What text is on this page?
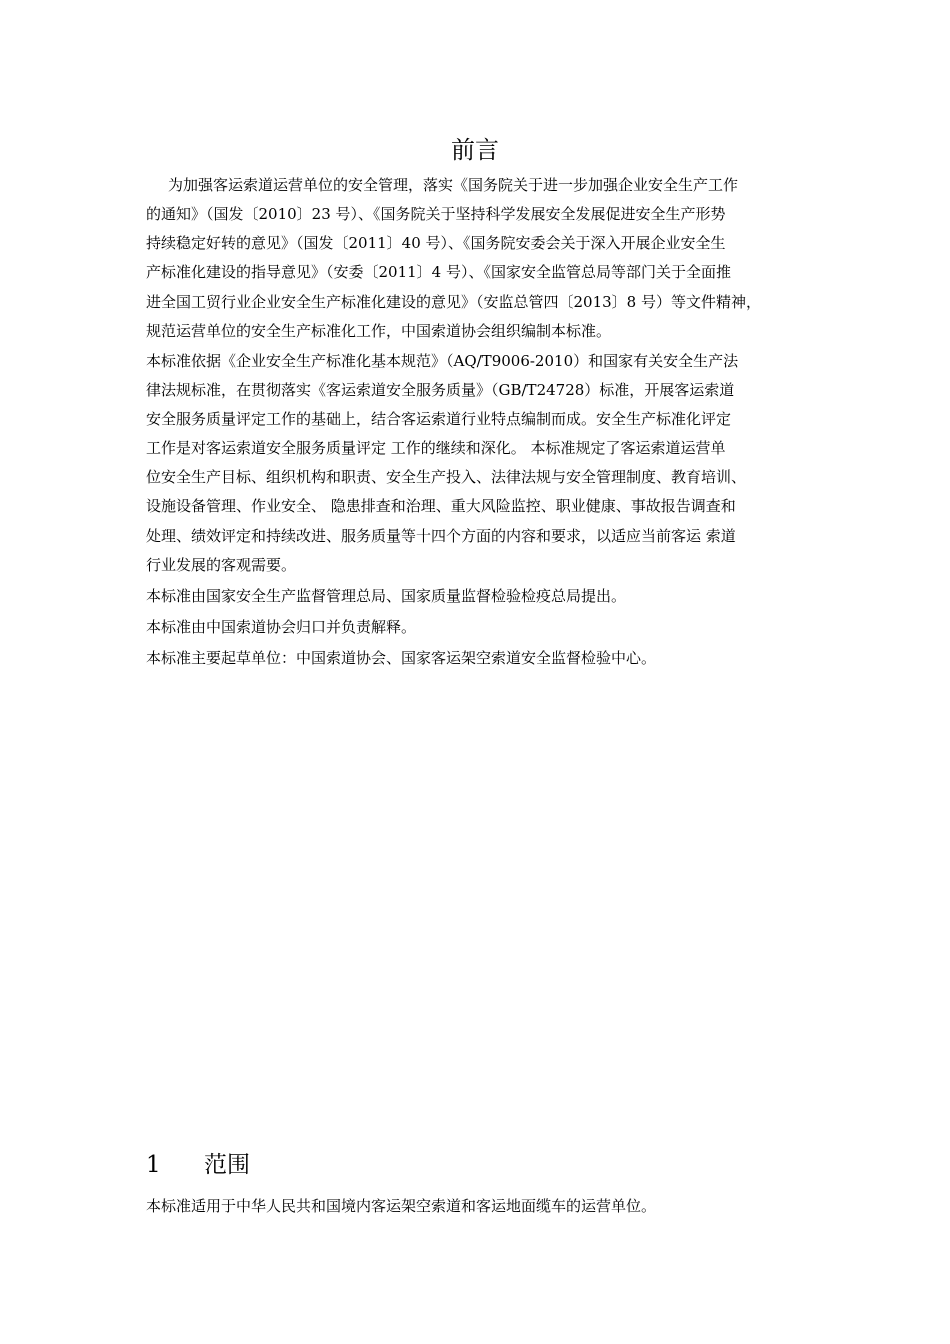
前言

为加强客运索道运营单位的安全管理，落实《国务院关于进一步加强企业安全生产工作

的通知》（国发〔2010〕23 号）、《国务院关于坚持科学发展安全发展促进安全生产形势

持续稳定好转的意见》（国发〔2011〕40 号）、《国务院安委会关于深入开展企业安全生

产标准化建设的指导意见》（安委〔2011〕4 号）、《国家安全监管总局等部门关于全面推

进全国工贸行业企业安全生产标准化建设的意见》（安监总管四〔2013〕8 号）等文件精神，

规范运营单位的安全生产标准化工作，中国索道协会组织编制本标准。

本标准依据《企业安全生产标准化基本规范》（AQ/T9006-2010）和国家有关安全生产法

律法规标准，在贯彻落实《客运索道安全服务质量》（GB/T24728）标准，开展客运索道

安全服务质量评定工作的基础上，结合客运索道行业特点编制而成。安全生产标准化评定

工作是对客运索道安全服务质量评定 工作的继续和深化。 本标准规定了客运索道运营单

位安全生产目标、组织机构和职责、安全生产投入、法律法规与安全管理制度、教育培训、

设施设备管理、作业安全、 隐患排查和治理、重大风险监控、职业健康、事故报告调查和

处理、绩效评定和持续改进、服务质量等十四个方面的内容和要求，以适应当前客运 索道

行业发展的客观需要。

本标准由国家安全生产监督管理总局、国家质量监督检验检疫总局提出。

本标准由中国索道协会归口并负责解释。

本标准主要起草单位：中国索道协会、国家客运架空索道安全监督检验中心。

1 范围

本标准适用于中华人民共和国境内客运架空索道和客运地面缆车的运营单位。
